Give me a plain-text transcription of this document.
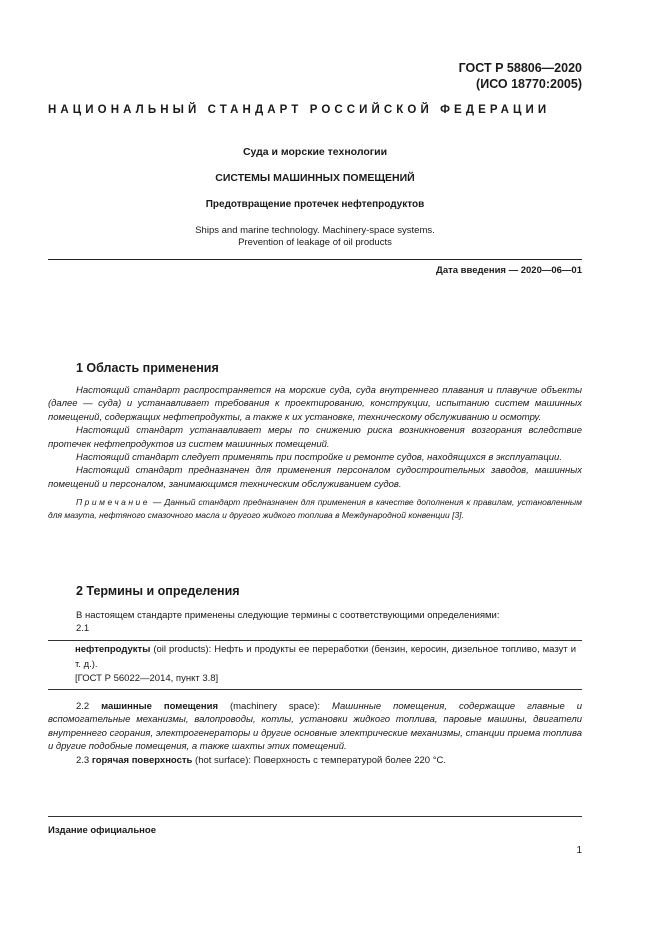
ГОСТ Р 58806—2020
(ИСО 18770:2005)
НАЦИОНАЛЬНЫЙ СТАНДАРТ РОССИЙСКОЙ ФЕДЕРАЦИИ
Суда и морские технологии
СИСТЕМЫ МАШИННЫХ ПОМЕЩЕНИЙ
Предотвращение протечек нефтепродуктов
Ships and marine technology. Machinery-space systems.
Prevention of leakage of oil products
Дата введения — 2020—06—01
1 Область применения

Настоящий стандарт распространяется на морские суда, суда внутреннего плавания и плавучие объекты (далее — суда) и устанавливает требования к проектированию, конструкции, испытанию систем машинных помещений, содержащих нефтепродукты, а также к их установке, техническому обслуживанию и осмотру.

Настоящий стандарт устанавливает меры по снижению риска возникновения возгорания вследствие протечек нефтепродуктов из систем машинных помещений.

Настоящий стандарт следует применять при постройке и ремонте судов, находящихся в эксплуатации.

Настоящий стандарт предназначен для применения персоналом судостроительных заводов, машинных помещений и персоналом, занимающимся техническим обслуживанием судов.

Примечание — Данный стандарт предназначен для применения в качестве дополнения к правилам, установленным для мазута, нефтяного смазочного масла и другого жидкого топлива в Международной конвенции [3].

2 Термины и определения

В настоящем стандарте применены следующие термины с соответствующими определениями:

2.1

нефтепродукты (oil products): Нефть и продукты ее переработки (бензин, керосин, дизельное топливо, мазут и т. д.).
[ГОСТ Р 56022—2014, пункт 3.8]

2.2 машинные помещения (machinery space): Машинные помещения, содержащие главные и вспомогательные механизмы, валопроводы, котлы, установки жидкого топлива, паровые машины, двигатели внутреннего сгорания, электрогенераторы и другие основные электрические механизмы, станции приема топлива и другие подобные помещения, а также шахты этих помещений.

2.3 горячая поверхность (hot surface): Поверхность с температурой более 220 °С.

Издание официальное
1
